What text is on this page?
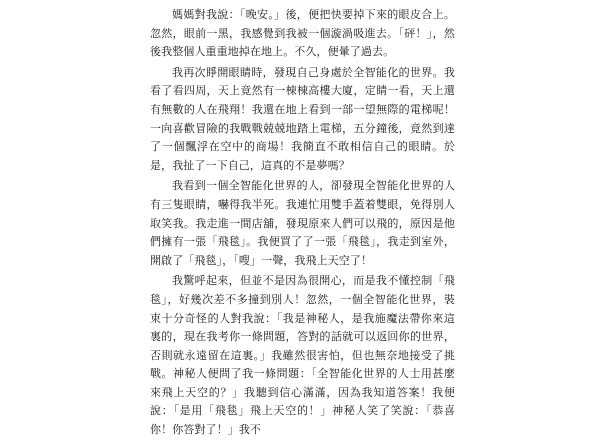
媽媽對我說：「晚安。」後，便把快要掉下來的眼皮合上。忽然，眼前一黑，我感覺到我被一個漩渦吸進去。「砰！」，然後我整個人重重地掉在地上。不久，便暈了過去。

我再次睜開眼睛時，發現自己身處於全智能化的世界。我看了看四周，天上竟然有一棟棟高樓大廈，定睛一看，天上還有無數的人在飛翔！我還在地上看到一部一望無際的電梯呢！一向喜歡冒險的我戰戰兢兢地踏上電梯，五分鐘後，竟然到達了一個飄浮在空中的商場！我簡直不敢相信自己的眼睛。於是，我扯了一下自己，這真的不是夢嗎？

我看到一個全智能化世界的人，卻發現全智能化世界的人有三隻眼睛，嚇得我半死。我連忙用雙手蓋着雙眼，免得別人取笑我。我走進一間店舖，發現原來人們可以飛的，原因是他們擁有一張「飛毯」。我便買了了一張「飛毯」，我走到室外，開啟了「飛毯」，「嗖」一聲，我飛上天空了！

我驚呼起來，但並不是因為很開心，而是我不懂控制「飛毯」，好幾次差不多撞到別人！忽然，一個全智能化世界，裝束十分奇怪的人對我說：「我是神秘人，是我施魔法帶你來這裏的，現在我考你一條問題，答對的話就可以返回你的世界，否則就永遠留在這裏。」我雖然很害怕，但也無奈地接受了挑戰。神秘人便問了我一條問題：「全智能化世界的人士用甚麼來飛上天空的？」我聽到信心滿滿，因為我知道答案！我便說：「是用「飛毯」飛上天空的！」神秘人笑了笑說：「恭喜你！你答對了！」我不
